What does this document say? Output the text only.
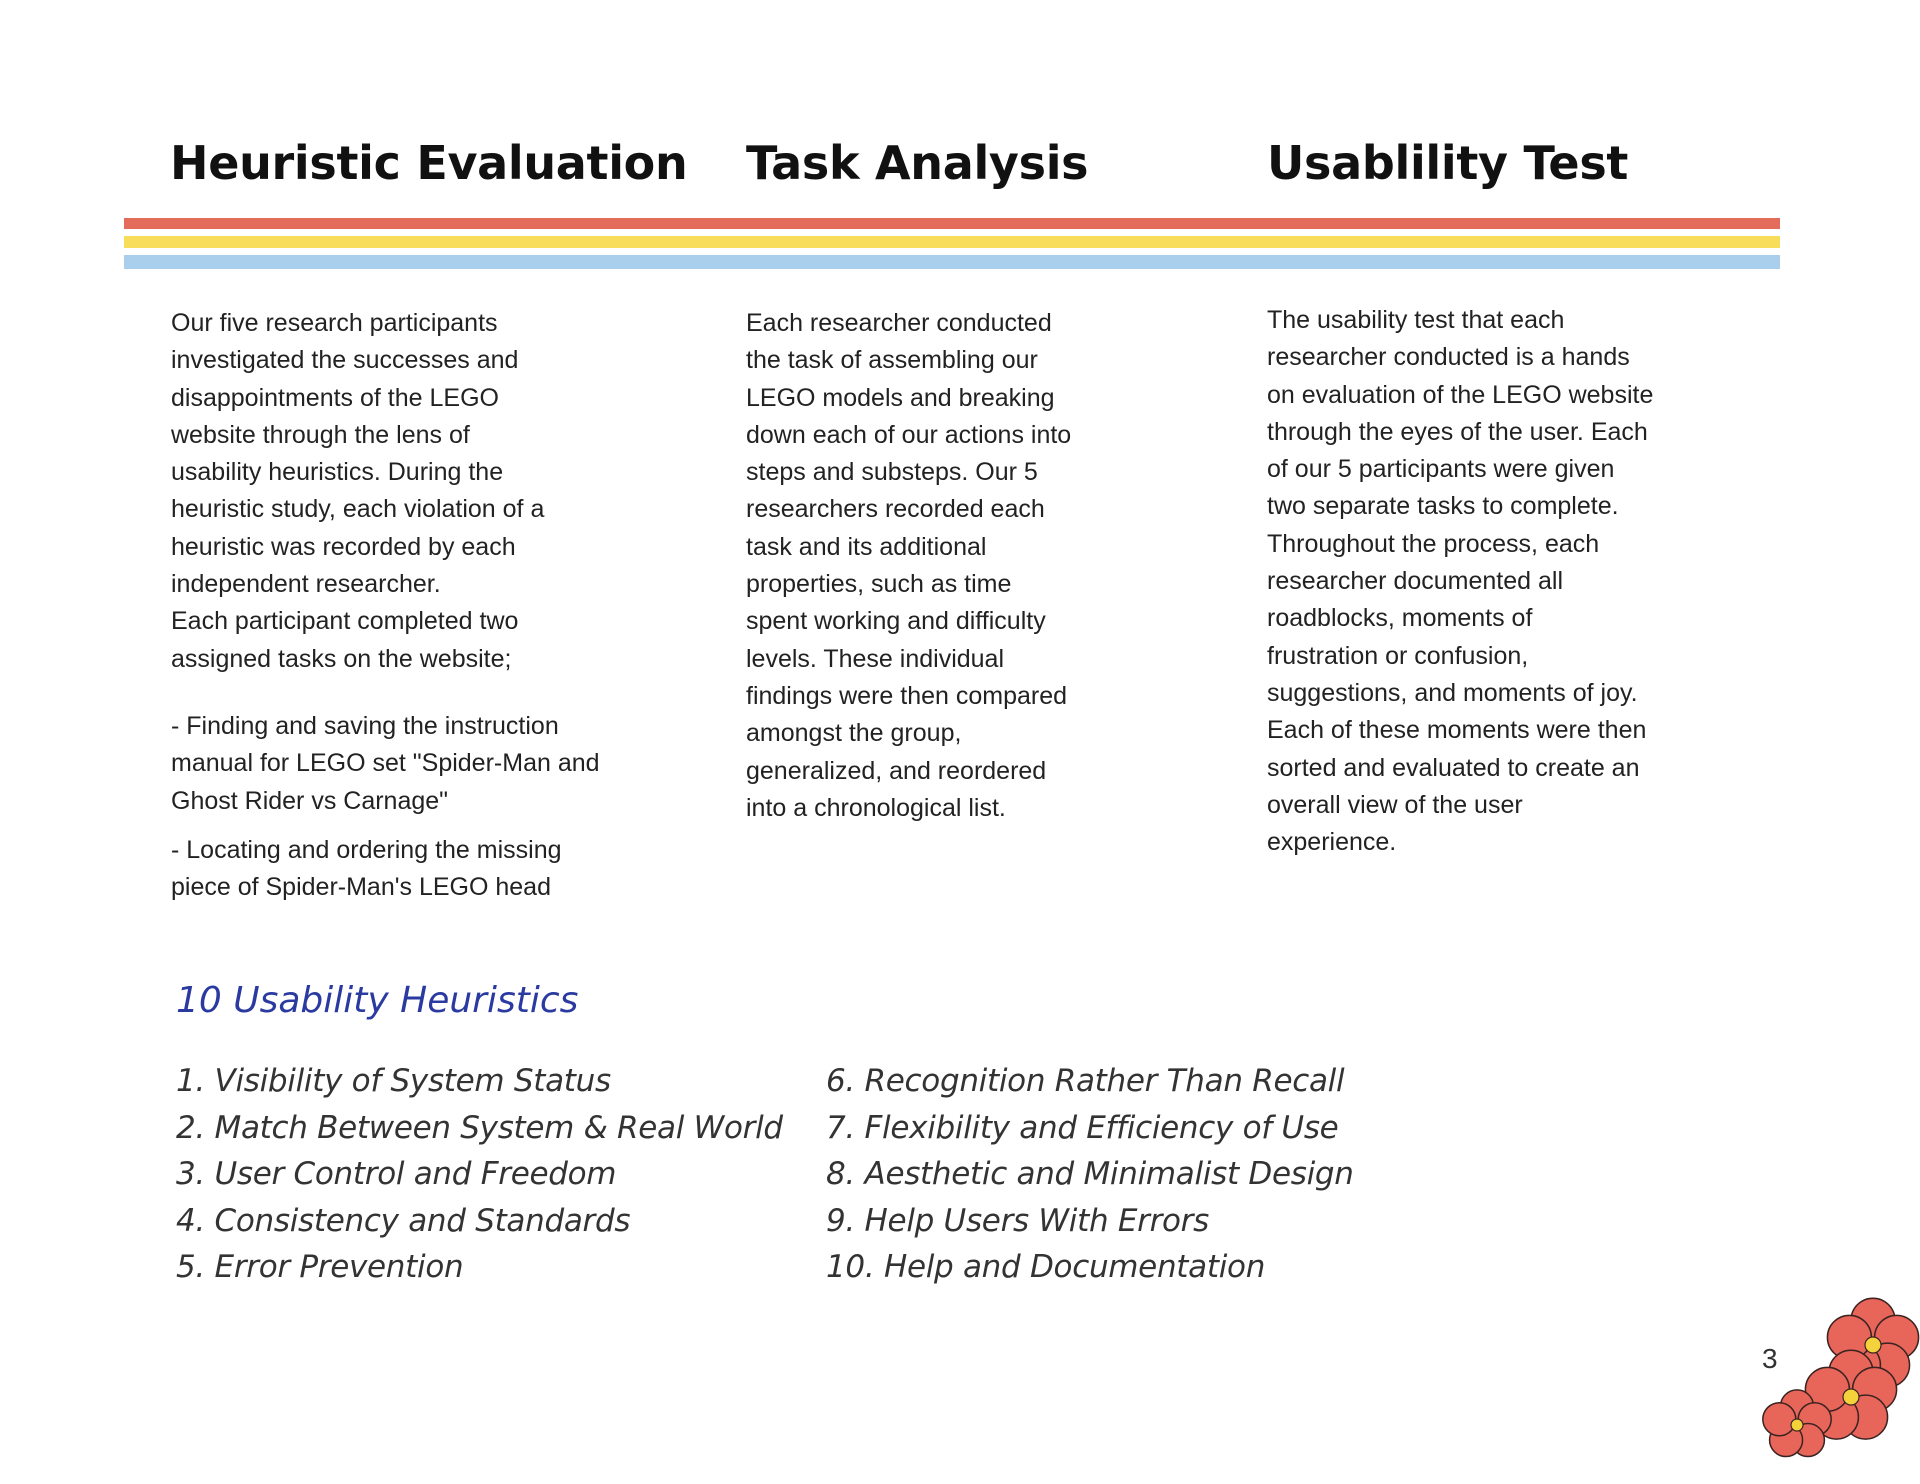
Heuristic Evaluation Task Analysis	Usablility Test

Our five research participants
investigated the successes and
disappointments of the LEGO
website through the lens of
usability heuristics. During the
heuristic study, each violation of a
heuristic was recorded by each
independent researcher.
Each participant completed two
assigned tasks on the website;

- Finding and saving the instruction
manual for LEGO set "Spider-Man and
Ghost Rider vs Carnage"

- Locating and ordering the missing
piece of Spider-Man's LEGO head

Each researcher conducted
the task of assembling our
LEGO models and breaking
down each of our actions into
steps and substeps. Our 5
researchers recorded each
task and its additional
properties, such as time
spent working and difficulty
levels. These individual
findings were then compared
amongst the group,
generalized, and reordered
into a chronological list.

The usability test that each
researcher conducted is a hands
on evaluation of the LEGO website
through the eyes of the user. Each
of our 5 participants were given
two separate tasks to complete.
Throughout the process, each
researcher documented all
roadblocks, moments of
frustration or confusion,
suggestions, and moments of joy.
Each of these moments were then
sorted and evaluated to create an
overall view of the user
experience.

10 Usability Heuristics
1. Visibility of System Status
2. Match Between System & Real World
3. User Control and Freedom
4. Consistency and Standards
5. Error Prevention
6. Recognition Rather Than Recall
7. Flexibility and Efficiency of Use
8. Aesthetic and Minimalist Design
9. Help Users With Errors
10. Help and Documentation
3
